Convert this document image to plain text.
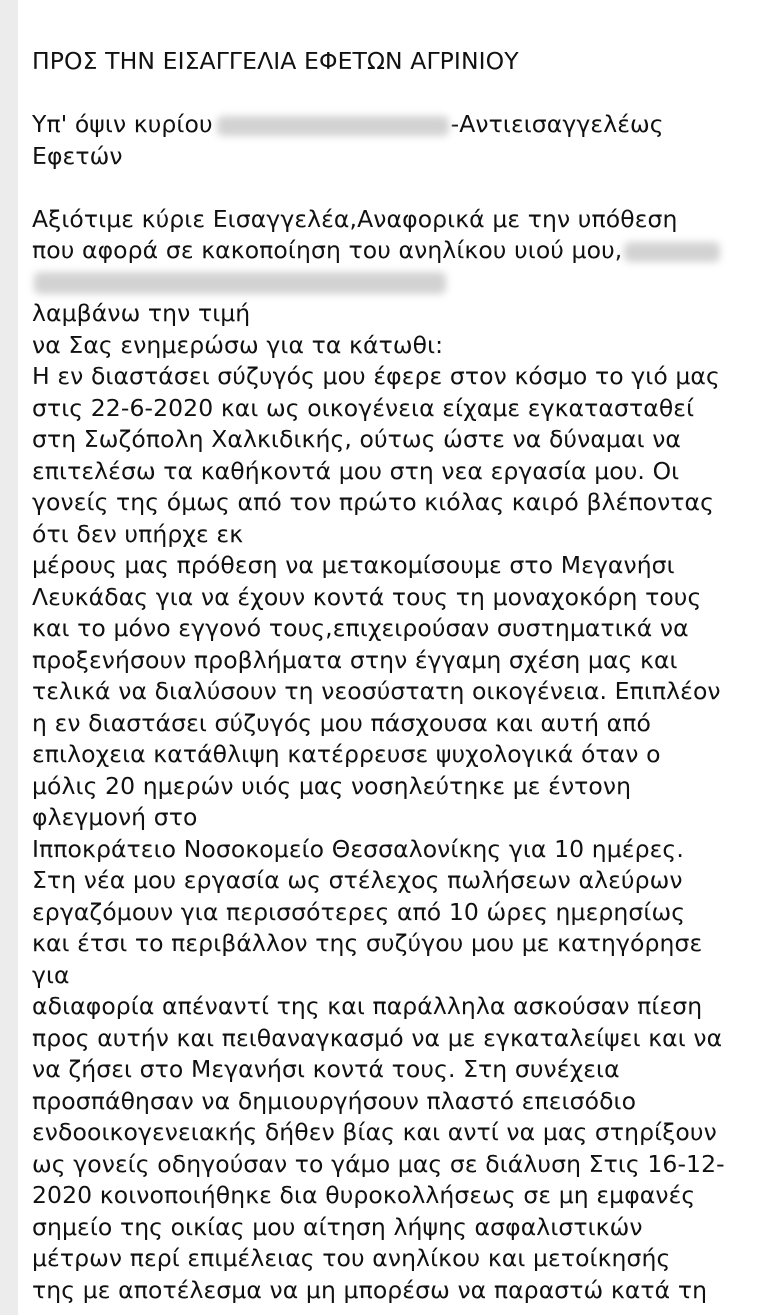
ΠΡΟΣ ΤΗΝ ΕΙΣΑΓΓΕΛΙΑ ΕΦΕΤΩΝ ΑΓΡΙΝΙΟΥ
Υπ' όψιν κυρίου	-Αντιεισαγγελέως
Εφετών
Αξιότιμε κύριε Εισαγγελέα,Αναφορικά με την υπόθεση
που αφορά σε κακοποίηση του ανηλίκου υιού μου,
λαμβάνω την τιμή
να Σας ενημερώσω για τα κάτωθι:
Η εν διαστάσει σύζυγός μου έφερε στον κόσμο το γιό μας
στις 22-6-2020 και ως οικογένεια είχαμε εγκατασταθεί
στη Σωζόπολη Χαλκιδικής, ούτως ώστε να δύναμαι να
επιτελέσω τα καθήκοντά μου στη νεα εργασία μου. Οι
γονείς της όμως από τον πρώτο κιόλας καιρό βλέποντας
ότι δεν υπήρχε εκ
μέρους μας πρόθεση να μετακομίσουμε στο Μεγανήσι
Λευκάδας για να έχουν κοντά τους τη μοναχοκόρη τους
και το μόνο εγγονό τους,επιχειρούσαν συστηματικά να
προξενήσουν προβλήματα στην έγγαμη σχέση μας και
τελικά να διαλύσουν τη νεοσύστατη οικογένεια. Επιπλέον
η εν διαστάσει σύζυγός μου πάσχουσα και αυτή από
επιλοχεια κατάθλιψη κατέρρευσε ψυχολογικά όταν ο
μόλις 20 ημερών υιός μας νοσηλεύτηκε με έντονη
φλεγμονή στο
Ιπποκράτειο Νοσοκομείο Θεσσαλονίκης για 10 ημέρες.
Στη νέα μου εργασία ως στέλεχος πωλήσεων αλεύρων
εργαζόμουν για περισσότερες από 10 ώρες ημερησίως
και έτσι το περιβάλλον της συζύγου μου με κατηγόρησε
για
αδιαφορία απέναντί της και παράλληλα ασκούσαν πίεση
προς αυτήν και πειθαναγκασμό να με εγκαταλείψει και να
να ζήσει στο Μεγανήσι κοντά τους. Στη συνέχεια
προσπάθησαν να δημιουργήσουν πλαστό επεισόδιο
ενδοοικογενειακής δήθεν βίας και αντί να μας στηρίξουν
ως γονείς οδηγούσαν το γάμο μας σε διάλυση Στις 16-12-
2020 κοινοποιήθηκε δια θυροκολλήσεως σε μη εμφανές
σημείο της οικίας μου αίτηση λήψης ασφαλιστικών
μέτρων περί επιμέλειας του ανηλίκου και μετοίκησής
της με αποτέλεσμα να μη μπορέσω να παραστώ κατά τη
